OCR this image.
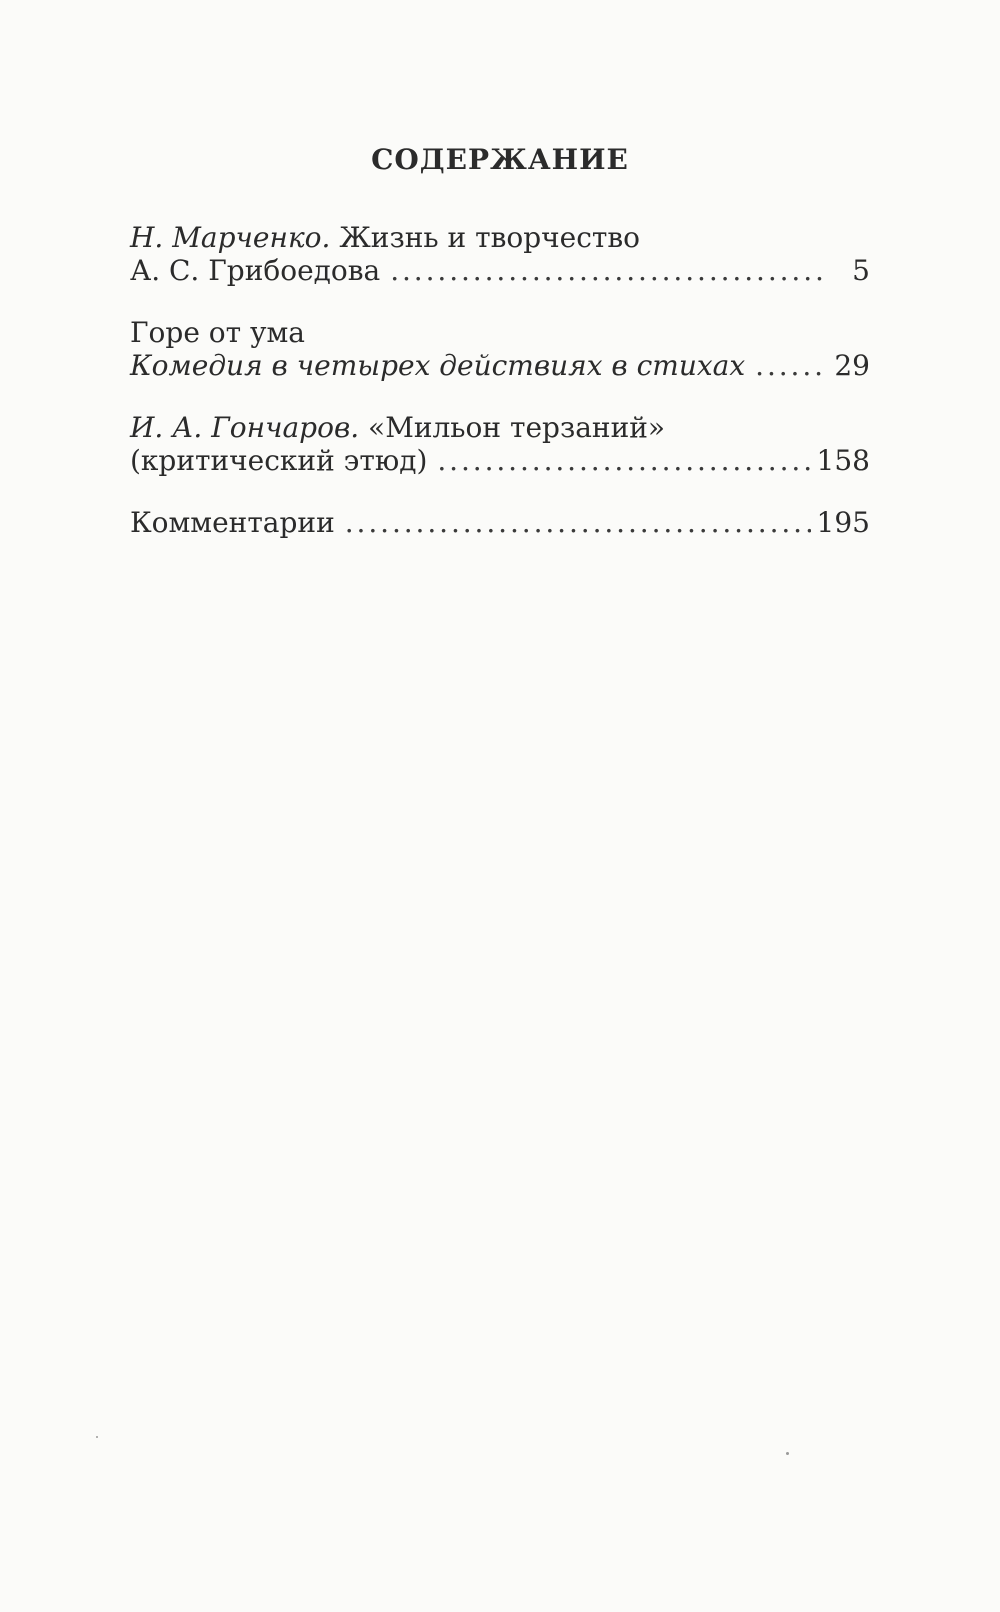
СОДЕРЖАНИЕ
Н. Марченко. Жизнь и творчество
А. С. Грибоедова . . .	5
Горе от ума
Комедия в четырех действиях в стихах . . .	29
И. А. Гончаров. «Мильон терзаний»
(критический этюд) . . .	158
Комментарии . . .	195
